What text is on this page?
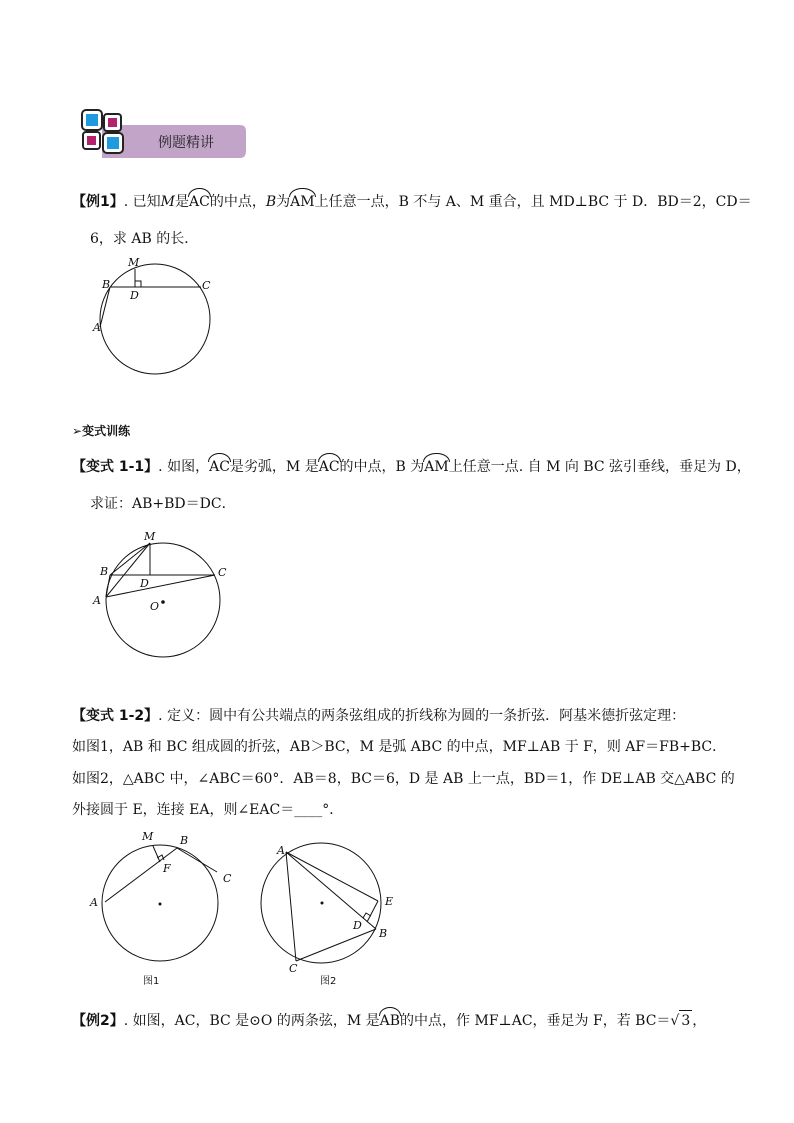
例题精讲
【例1】. 已知M是AC的中点，B为AM上任意一点，B 不与 A、M 重合，且 MD⊥BC 于 D．BD＝2，CD＝
6，求 AB 的长．
M
B
D
C
A
➢变式训练
【变式 1-1】. 如图，AC是劣弧，M 是AC的中点，B 为AM上任意一点. 自 M 向 BC 弦引垂线，垂足为 D，
求证：AB+BD＝DC．
M
B
D
C
A	O
【变式 1-2】. 定义：圆中有公共端点的两条弦组成的折线称为圆的一条折弦．阿基米德折弦定理：
如图1，AB 和 BC 组成圆的折弦，AB＞BC，M 是弧 ABC 的中点，MF⊥AB 于 F，则 AF＝FB+BC．
如图2，△ABC 中，∠ABC＝60°．AB＝8，BC＝6，D 是 AB 上一点，BD＝1，作 DE⊥AB 交△ABC 的
外接圆于 E，连接 EA，则∠EAC＝____°．
M B
F
C
A
图1
A
E
D
B
C
图2
【例2】. 如图，AC，BC 是⊙O 的两条弦，M 是AB的中点，作 MF⊥AC，垂足为 F，若 BC＝√ 3 ，
